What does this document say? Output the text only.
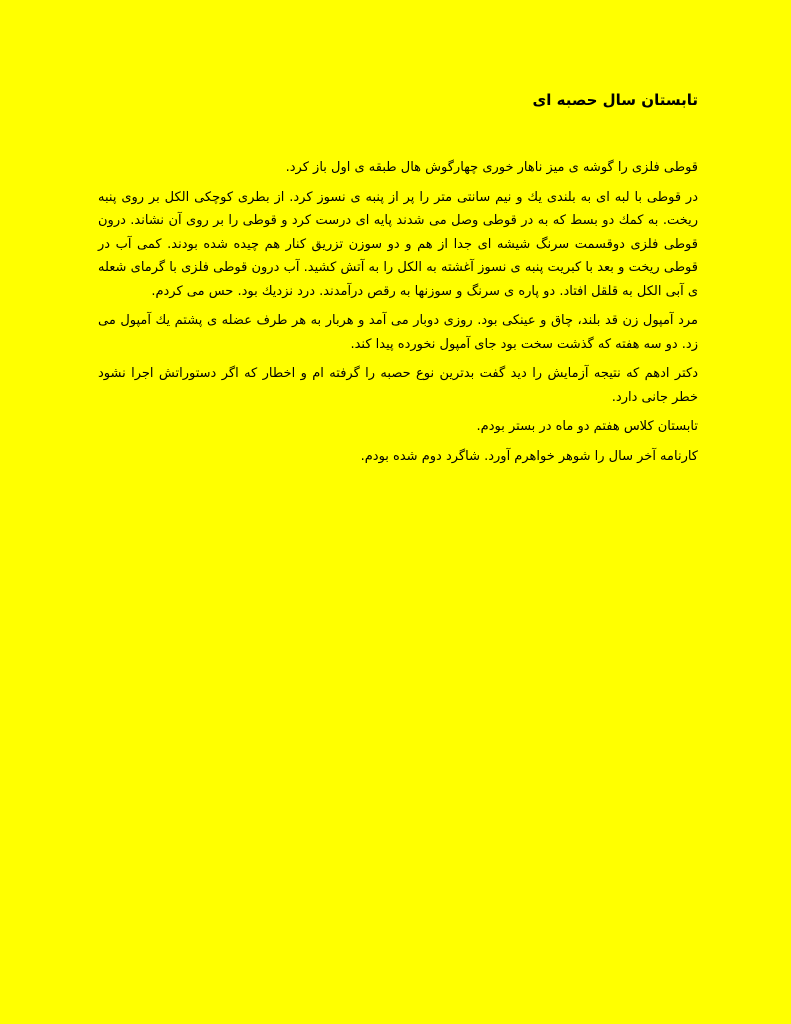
تابستان سال حصبه ای

قوطی فلزی را گوشه ی میز ناهار خوری چهارگوش هال طبقه ی اول باز کرد.

در قوطی با لبه ای به بلندی یك و نیم سانتی متر را پر از پنبه ی نسوز کرد. از بطری کوچکی الکل بر روی پنبه ریخت. به کمك دو بسط که به در قوطی وصل می شدند پایه ای درست کرد و قوطی را بر روی آن نشاند. درون قوطی فلزی دوقسمت سرنگ شیشه ای جدا از هم و دو سوزن تزریق کنار هم چیده شده بودند. کمی آب در قوطی ریخت و بعد با کبریت پنبه ی نسوز آغشته به الکل را به آتش کشید. آب درون قوطی فلزی با گرمای شعله ی آبی الکل به قلقل افتاد. دو پاره ی سرنگ و سوزنها به رقص درآمدند. درد نزدیك بود. حس می کردم.

مرد آمپول زن قد بلند، چاق و عینکی بود. روزی دوبار می آمد و هربار به هر طرف عضله ی پشتم یك آمپول می زد. دو سه هفته که گذشت سخت بود جای آمپول نخورده پیدا کند.

دکتر ادهم که نتیجه آزمایش را دید گفت بدترین نوع حصبه را گرفته ام و اخطار که اگر دستوراتش اجرا نشود خطر جانی دارد.

تابستان کلاس هفتم دو ماه در بستر بودم.

کارنامه آخر سال را شوهر خواهرم آورد. شاگرد دوم شده بودم.
